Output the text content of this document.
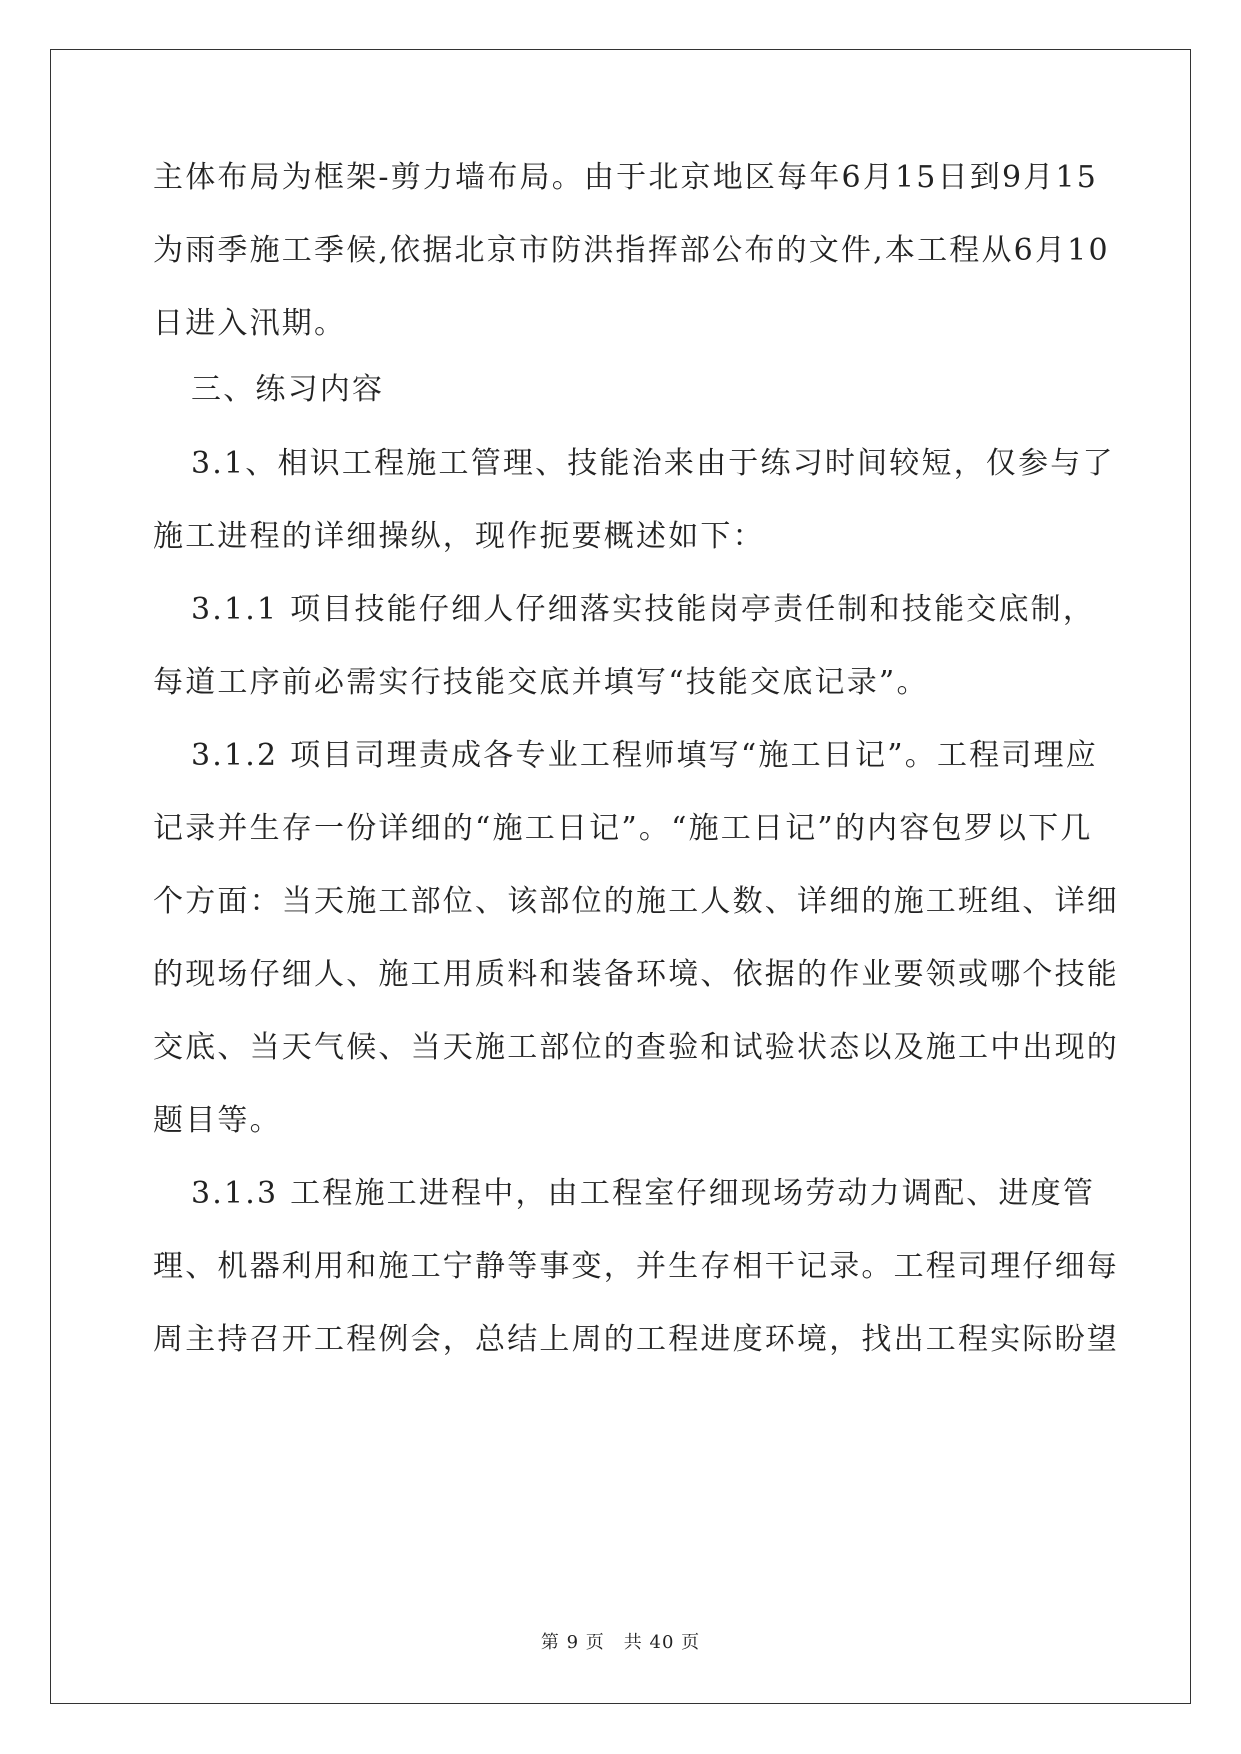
主体布局为框架-剪力墙布局。由于北京地区每年6月15日到9月15
为雨季施工季候,依据北京市防洪指挥部公布的文件,本工程从6月10
日进入汛期。
三、练习内容
3.1、相识工程施工管理、技能治来由于练习时间较短，仅参与了
施工进程的详细操纵，现作扼要概述如下：
3.1.1 项目技能仔细人仔细落实技能岗亭责任制和技能交底制，
每道工序前必需实行技能交底并填写“技能交底记录”。
3.1.2 项目司理责成各专业工程师填写“施工日记”。工程司理应
记录并生存一份详细的“施工日记”。“施工日记”的内容包罗以下几
个方面：当天施工部位、该部位的施工人数、详细的施工班组、详细
的现场仔细人、施工用质料和装备环境、依据的作业要领或哪个技能
交底、当天气候、当天施工部位的查验和试验状态以及施工中出现的
题目等。
3.1.3 工程施工进程中，由工程室仔细现场劳动力调配、进度管
理、机器利用和施工宁静等事变，并生存相干记录。工程司理仔细每
周主持召开工程例会，总结上周的工程进度环境，找出工程实际盼望
第 9 页　共 40 页
